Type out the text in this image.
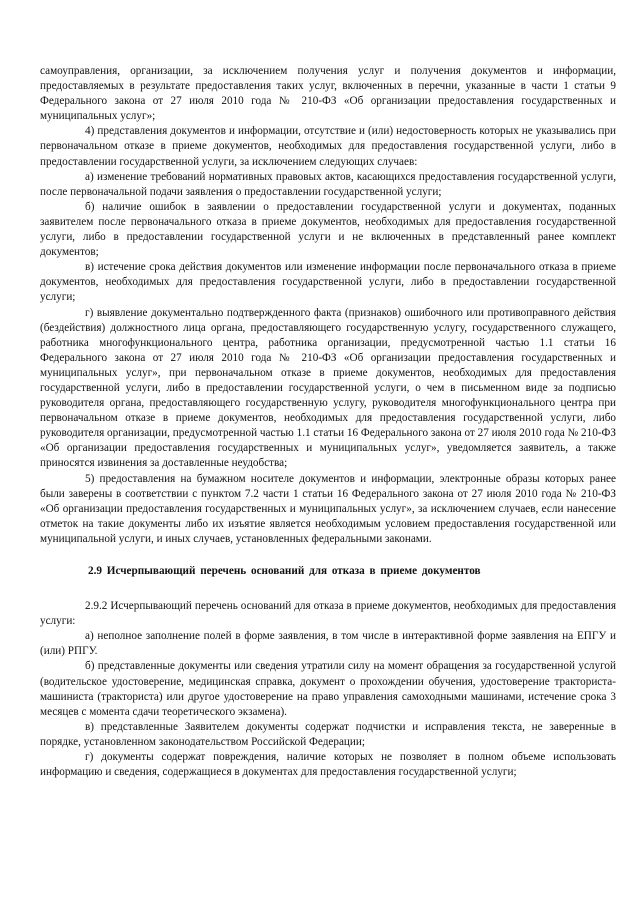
самоуправления, организации, за исключением получения услуг и получения документов и информации, предоставляемых в результате предоставления таких услуг, включенных в перечни, указанные в части 1 статьи 9 Федерального закона от 27 июля 2010 года № 210-ФЗ «Об организации предоставления государственных и муниципальных услуг»;

4) представления документов и информации, отсутствие и (или) недостоверность которых не указывались при первоначальном отказе в приеме документов, необходимых для предоставления государственной услуги, либо в предоставлении государственной услуги, за исключением следующих случаев:

а) изменение требований нормативных правовых актов, касающихся предоставления государственной услуги, после первоначальной подачи заявления о предоставлении государственной услуги;

б) наличие ошибок в заявлении о предоставлении государственной услуги и документах, поданных заявителем после первоначального отказа в приеме документов, необходимых для предоставления государственной услуги, либо в предоставлении государственной услуги и не включенных в представленный ранее комплект документов;

в) истечение срока действия документов или изменение информации после первоначального отказа в приеме документов, необходимых для предоставления государственной услуги, либо в предоставлении государственной услуги;

г) выявление документально подтвержденного факта (признаков) ошибочного или противоправного действия (бездействия) должностного лица органа, предоставляющего государственную услугу, государственного служащего, работника многофункционального центра, работника организации, предусмотренной частью 1.1 статьи 16 Федерального закона от 27 июля 2010 года № 210-ФЗ «Об организации предоставления государственных и муниципальных услуг», при первоначальном отказе в приеме документов, необходимых для предоставления государственной услуги, либо в предоставлении государственной услуги, о чем в письменном виде за подписью руководителя органа, предоставляющего государственную услугу, руководителя многофункционального центра при первоначальном отказе в приеме документов, необходимых для предоставления государственной услуги, либо руководителя организации, предусмотренной частью 1.1 статьи 16 Федерального закона от 27 июля 2010 года № 210-ФЗ «Об организации предоставления государственных и муниципальных услуг», уведомляется заявитель, а также приносятся извинения за доставленные неудобства;

5) предоставления на бумажном носителе документов и информации, электронные образы которых ранее были заверены в соответствии с пунктом 7.2 части 1 статьи 16 Федерального закона от 27 июля 2010 года № 210-ФЗ «Об организации предоставления государственных и муниципальных услуг», за исключением случаев, если нанесение отметок на такие документы либо их изъятие является необходимым условием предоставления государственной или муниципальной услуги, и иных случаев, установленных федеральными законами.

2.9 Исчерпывающий перечень оснований для отказа в приеме документов

2.9.2 Исчерпывающий перечень оснований для отказа в приеме документов, необходимых для предоставления услуги:

а) неполное заполнение полей в форме заявления, в том числе в интерактивной форме заявления на ЕПГУ и (или) РПГУ.

б) представленные документы или сведения утратили силу на момент обращения за государственной услугой (водительское удостоверение, медицинская справка, документ о прохождении обучения, удостоверение тракториста-машиниста (тракториста) или другое удостоверение на право управления самоходными машинами, истечение срока 3 месяцев с момента сдачи теоретического экзамена).

в) представленные Заявителем документы содержат подчистки и исправления текста, не заверенные в порядке, установленном законодательством Российской Федерации;

г) документы содержат повреждения, наличие которых не позволяет в полном объеме использовать информацию и сведения, содержащиеся в документах для предоставления государственной услуги;
